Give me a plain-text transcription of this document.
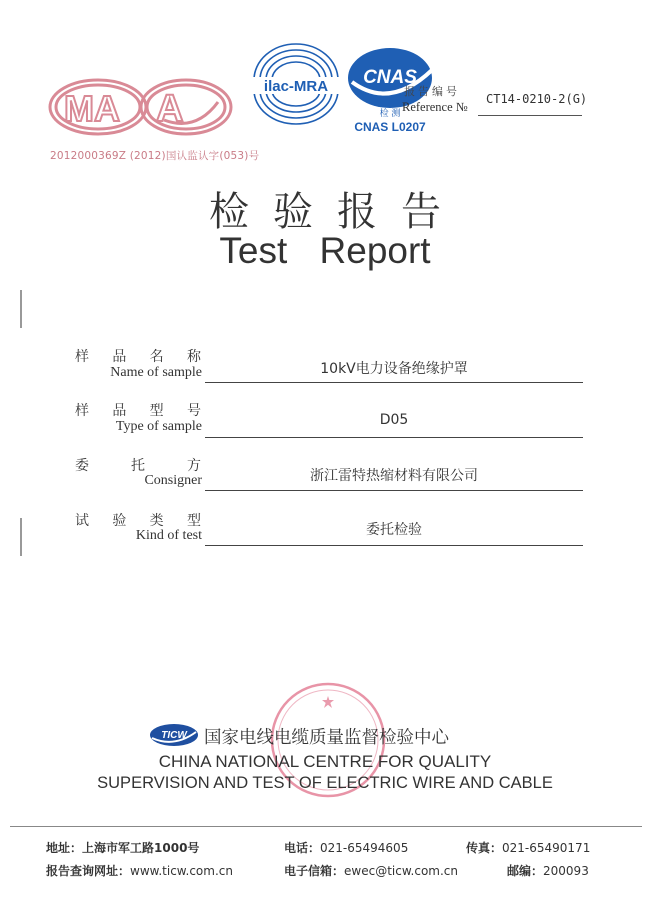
MA A
2012000369Z (2012)国认监认字(053)号
ilac-MRA CNAS
检 测
CNAS L0207
报告编号
Reference №
CT14-0210-2(G)
检验报告
Test Report
样品名称
Name of sample	10kV电力设备绝缘护罩
样品型号
Type of sample	D05
委托方
Consigner	浙江雷特热缩材料有限公司
试验类型
Kind of test	委托检验
TICW 国家电线电缆质量监督检验中心
CHINA NATIONAL CENTRE FOR QUALITY
SUPERVISION AND TEST OF ELECTRIC WIRE AND CABLE
地址：上海市军工路1000号	电话：021-65494605	传真：021-65490171
报告查询网址：www.ticw.com.cn	电子信箱：ewec@ticw.com.cn	邮编：200093
